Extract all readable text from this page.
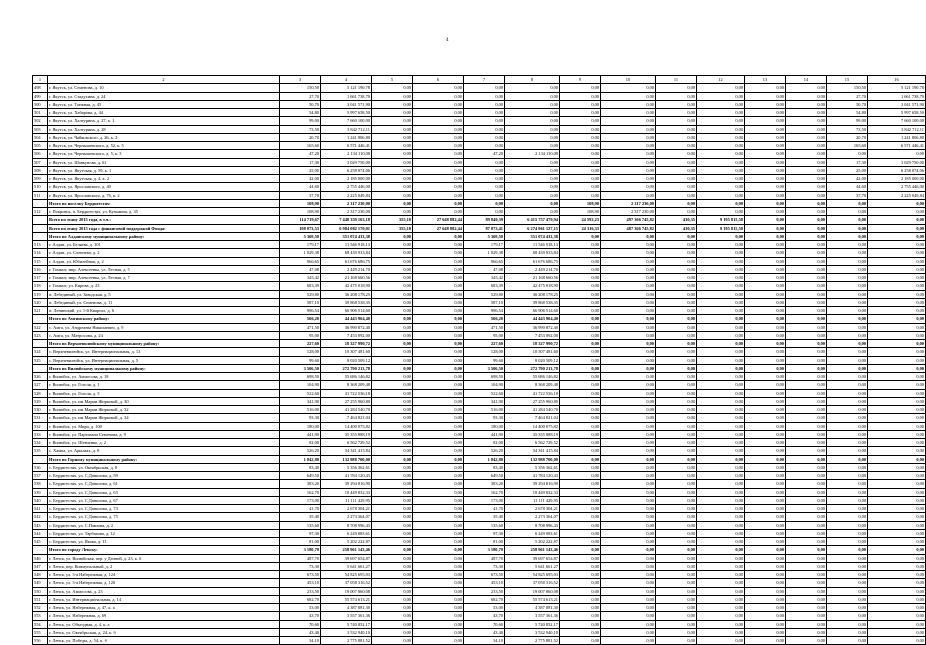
4
1	2	3	4	5	6	7	8	9	10	11	12	13	14	15	16
498	г. Якутск, ул. Семенова, д. 10	150,50	5 121 190,78	0,00	0,00	0,00	0,00	0,00	0,00	0,00	0,00	0,00	0,00	150,50	5 121 190,78
499	г. Якутск, ул. Стадухина, д. 24	27,70	1 661 738,79	0,00	0,00	0,00	0,00	0,00	0,00	0,00	0,00	0,00	0,00	27,70	1 661 738,79
500	г. Якутск, ул. Таежная, д. 45	50,70	3 041 571,90	0,00	0,00	0,00	0,00	0,00	0,00	0,00	0,00	0,00	0,00	50,70	3 041 571,90
501	г. Якутск, ул. Хабарова, д. 44	54,80	5 997 658,50	0,00	0,00	0,00	0,00	0,00	0,00	0,00	0,00	0,00	0,00	54,80	5 997 658,50
502	г. Якутск, ул. Халтурина, д. 27, к. 1	99,00	7 660 100,00	0,00	0,00	0,00	0,00	0,00	0,00	0,00	0,00	0,00	0,00	99,00	7 660 100,00
503	г. Якутск, ул. Халтурина, д. 28	73,50	3 842 712,11	0,00	0,00	0,00	0,00	0,00	0,00	0,00	0,00	0,00	0,00	73,50	3 842 712,11
504	г. Якутск, ул. Чайковского, д. 26, к. 2	20,70	1 241 806,80	0,00	0,00	0,00	0,00	0,00	0,00	0,00	0,00	0,00	0,00	20,70	1 241 806,80
505	г. Якутск, ул. Чернышевского, д. 52, к. 5	165,60	6 571 446,41	0,00	0,00	0,00	0,00	0,00	0,00	0,00	0,00	0,00	0,00	165,60	6 571 446,41
506	г. Якутск, ул. Чернышевского, д. 5, к. 3	47,20	2 134 110,08	0,00	0,00	47,20	2 134 110,08	0,00	0,00	0,00	0,00	0,00	0,00	0,00	0,00
507	г. Якутск, ул. Шавкунова, д. 61	17,30	3 029 750,00	0,00	0,00	0,00	0,00	0,00	0,00	0,00	0,00	0,00	0,00	17,30	3 029 750,00
508	г. Якутск, ул. Якутская, д. 59, к. 1	25,00	6 258 074,06	0,00	0,00	0,00	0,00	0,00	0,00	0,00	0,00	0,00	0,00	25,00	6 258 074,06
509	г. Якутск, ул. Якутская, д. 4, к. 2	42,00	2 185 000,00	0,00	0,00	0,00	0,00	0,00	0,00	0,00	0,00	0,00	0,00	42,00	2 185 000,00
510	г. Якутск, ул. Ярославского, д. 40	44,60	2 755 446,00	0,00	0,00	0,00	0,00	0,00	0,00	0,00	0,00	0,00	0,00	44,60	2 755 446,00
511	г. Якутск, ул. Ярославского, д. 76, к. 2	37,70	2 225 049,84	0,00	0,00	0,00	0,00	0,00	0,00	0,00	0,00	0,00	0,00	37,70	2 225 049,84
	Итого по поселку Бердигестях:	108,90	2 317 230,00	0,00	0,00	0,00	0,00	108,90	2 317 230,00	0,00	0,00	0,00	0,00	0,00	0,00
512	г. Покровск, п. Бердигестях, ул. Кузьмина, д. 35	108,90	2 317 230,00	0,00	0,00	0,00	0,00	108,90	2 317 230,00	0,00	0,00	0,00	0,00	0,00	0,00
	Всего по этапу 2015 года, в т.ч.:	114 719,67	7 448 359 163,18	355,10	27 648 882,44	89 840,39	6 415 757 479,94	24 592,23	497 366 745,82	430,35	9 195 815,50	0,00	0,00	0,00	0,00
	Всего по этапу 2015 года с финансовой поддержкой Фонда:	108 073,53	6 984 082 170,01	355,10	27 648 882,44	87 873,41	6 274 961 127,15	24 316,33	487 366 745,82	430,35	9 195 815,50	0,00	0,00	0,00	0,00
	Итого по Алданскому муниципальному району:	5 369,50	351 074 433,38	0,00	0,00	5 369,50	351 074 433,38	0,00	0,00	0,00	0,00	0,00	0,00	0,00	0,00
513	г. Алдан, ул. Беляева, д. 101	179,17	11 546 918,13	0,00	0,00	179,17	11 546 918,13	0,00	0,00	0,00	0,00	0,00	0,00	0,00	0,00
514	г. Алдан, ул. Слепнева, д. 2	1 029,38	68 439 933,84	0,00	0,00	1 029,38	68 439 933,84	0,00	0,00	0,00	0,00	0,00	0,00	0,00	0,00
515	г. Алдан, ул. Юбилейная, д. 2	966,65	61 676 686,75	0,00	0,00	966,65	61 676 686,75	0,00	0,00	0,00	0,00	0,00	0,00	0,00	0,00
516	г. Томмот, мкр. Алексеевка, ул. Лесная, д. 5	47,08	2 449 214,70	0,00	0,00	47,08	2 449 214,70	0,00	0,00	0,00	0,00	0,00	0,00	0,00	0,00
517	г. Томмот, мкр. Алексеевка, ул. Лесная, д. 7	345,42	21 168 660,56	0,00	0,00	345,42	21 168 660,56	0,00	0,00	0,00	0,00	0,00	0,00	0,00	0,00
518	г. Томмот, ул. Кирова, д. 23	683,39	42 475 018,90	0,00	0,00	683,39	42 475 018,90	0,00	0,00	0,00	0,00	0,00	0,00	0,00	0,00
519	п. Лебединый, ул. Заводская, д. 5	529,80	36 208 178,25	0,00	0,00	529,80	36 208 178,25	0,00	0,00	0,00	0,00	0,00	0,00	0,00	0,00
520	п. Лебединый, ул. Семенова, д. 11	587,10	39 868 538,35	0,00	0,00	587,10	39 868 538,35	0,00	0,00	0,00	0,00	0,00	0,00	0,00	0,00
521	п. Ленинский, ул. 1-й Квартал, д. 6	986,54	66 906 514,60	0,00	0,00	986,54	66 906 514,60	0,00	0,00	0,00	0,00	0,00	0,00	0,00	0,00
	Итого по Амгинскому району:	566,20	44 443 964,40	0,00	0,00	566,20	44 443 964,40	0,00	0,00	0,00	0,00	0,00	0,00	0,00	0,00
522	с. Амга, ул. Андреаева Николаевич, д. 9	471,50	36 990 872,40	0,00	0,00	471,50	36 990 872,40	0,00	0,00	0,00	0,00	0,00	0,00	0,00	0,00
523	с. Амга, ул. Матросова, д. 24	95,00	7 453 092,00	0,00	0,00	95,00	7 453 092,00	0,00	0,00	0,00	0,00	0,00	0,00	0,00	0,00
	Итого по Верхневилюйскому муниципальному району:	227,60	18 327 990,72	0,00	0,00	227,60	18 327 990,72	0,00	0,00	0,00	0,00	0,00	0,00	0,00	0,00
524	с. Верхневилюйск, ул. Интернациональная, д. 13	128,00	10 307 481,60	0,00	0,00	128,00	10 307 481,60	0,00	0,00	0,00	0,00	0,00	0,00	0,00	0,00
525	с. Верхневилюйск, ул. Интернациональная, д. 5	99,60	8 020 509,12	0,00	0,00	99,60	8 020 509,12	0,00	0,00	0,00	0,00	0,00	0,00	0,00	0,00
	Итого по Вилюйскому муниципальному району:	3 506,50	272 790 213,78	0,00	0,00	3 506,50	272 790 213,78	0,00	0,00	0,00	0,00	0,00	0,00	0,00	0,00
526	г. Вилюйск, ул. Аммосова, д. 18	698,50	55 686 146,82	0,00	0,00	698,50	55 686 146,82	0,00	0,00	0,00	0,00	0,00	0,00	0,00	0,00
527	г. Вилюйск, ул. Гоголя, д. 1	104,90	8 368 209,48	0,00	0,00	104,90	8 368 209,48	0,00	0,00	0,00	0,00	0,00	0,00	0,00	0,00
528	г. Вилюйск, ул. Гоголя, д. 5	522,60	41 722 536,18	0,00	0,00	522,60	41 722 536,18	0,00	0,00	0,00	0,00	0,00	0,00	0,00	0,00
529	г. Вилюйск, ул. им Марии Жирковой, д. 30	341,90	27 255 960,80	0,00	0,00	341,90	27 255 960,80	0,00	0,00	0,00	0,00	0,00	0,00	0,00	0,00
530	г. Вилюйск, ул. им Марии Жирковой, д. 32	516,00	41 284 540,70	0,00	0,00	516,00	41 284 540,70	0,00	0,00	0,00	0,00	0,00	0,00	0,00	0,00
531	г. Вилюйск, ул. им Марии Жирковой, д. 34	93,30	7 464 821,04	0,00	0,00	93,30	7 464 821,04	0,00	0,00	0,00	0,00	0,00	0,00	0,00	0,00
532	г. Вилюйск, ул. Мира, д. 100	180,00	14 400 075,82	0,00	0,00	180,00	14 400 075,82	0,00	0,00	0,00	0,00	0,00	0,00	0,00	0,00
533	г. Вилюйск, ул. Партизана Семенова, д. 9	441,90	35 355 888,19	0,00	0,00	441,90	35 355 888,19	0,00	0,00	0,00	0,00	0,00	0,00	0,00	0,00
534	г. Вилюйск, ул. Шевченко, д. 2	82,00	6 562 729,52	0,00	0,00	82,00	6 562 729,52	0,00	0,00	0,00	0,00	0,00	0,00	0,00	0,00
535	с. Хампа, ул. Арылаах, д. 8	526,20	34 341 415,84	0,00	0,00	526,20	34 341 415,84	0,00	0,00	0,00	0,00	0,00	0,00	0,00	0,00
	Итого по Горному муниципальному району:	1 842,80	132 988 700,00	0,00	0,00	1 842,80	132 988 700,00	0,00	0,00	0,00	0,00	0,00	0,00	0,00	0,00
536	с. Бердигестях, ул. Октябрьская, д. 8	83,40	5 356 362,61	0,00	0,00	83,40	5 356 362,61	0,00	0,00	0,00	0,00	0,00	0,00	0,00	0,00
537	с. Бердигестях, ул. С.Данилова, д. 59	649,50	41 784 120,43	0,00	0,00	649,50	41 784 120,43	0,00	0,00	0,00	0,00	0,00	0,00	0,00	0,00
538	с. Бердигестях, ул. С.Данилова, д. 61	383,20	39 294 816,90	0,00	0,00	383,20	39 294 816,90	0,00	0,00	0,00	0,00	0,00	0,00	0,00	0,00
539	с. Бердигестях, ул. С.Данилова, д. 63	162,70	10 449 832,33	0,00	0,00	162,70	10 449 832,33	0,00	0,00	0,00	0,00	0,00	0,00	0,00	0,00
540	с. Бердигестях, ул. С.Данилова, д. 67	173,00	11 111 429,95	0,00	0,00	173,00	11 111 429,95	0,00	0,00	0,00	0,00	0,00	0,00	0,00	0,00
541	с. Бердигестях, ул. С.Данилова, д. 73	41,70	2 678 304,21	0,00	0,00	41,70	2 678 304,21	0,00	0,00	0,00	0,00	0,00	0,00	0,00	0,00
542	с. Бердигестях, ул. С.Данилова, д. 75	35,40	2 273 364,07	0,00	0,00	35,40	2 273 364,07	0,00	0,00	0,00	0,00	0,00	0,00	0,00	0,00
543	с. Бердигестях, ул. С.Павлова, д. 2	135,60	8 708 996,43	0,00	0,00	135,60	8 708 996,43	0,00	0,00	0,00	0,00	0,00	0,00	0,00	0,00
544	с. Бердигестях, ул. Тарбахова, д. 12	97,30	6 249 083,61	0,00	0,00	97,30	6 249 083,61	0,00	0,00	0,00	0,00	0,00	0,00	0,00	0,00
545	с. Бердигестях, ул. Якова, д. 11	81,00	5 202 222,87	0,00	0,00	81,00	5 202 222,87	0,00	0,00	0,00	0,00	0,00	0,00	0,00	0,00
	Итого по городу Ленску:	3 180,70	258 961 143,46	0,00	0,00	3 180,70	258 961 143,46	0,00	0,00	0,00	0,00	0,00	0,00	0,00	0,00
546	г. Ленск, ул. Вилюйская, пер. у Дачной, д. 23, к. 6	487,70	39 697 654,87	0,00	0,00	487,70	39 697 654,87	0,00	0,00	0,00	0,00	0,00	0,00	0,00	0,00
547	г. Ленск, пер. Коммунальный, д. 2	73,30	5 641 661,27	0,00	0,00	73,30	5 641 661,27	0,00	0,00	0,00	0,00	0,00	0,00	0,00	0,00
548	г. Ленск, ул. 3-я Набережная, д. 124	673,50	54 825 695,03	0,00	0,00	673,50	54 825 695,03	0,00	0,00	0,00	0,00	0,00	0,00	0,00	0,00
549	г. Ленск, ул. 3-я Набережная, д. 126	453,10	37 058 316,52	0,00	0,00	453,10	37 058 316,52	0,00	0,00	0,00	0,00	0,00	0,00	0,00	0,00
550	г. Ленск, ул. Аммосова, д. 23	233,50	19 007 860,08	0,00	0,00	233,50	19 007 860,08	0,00	0,00	0,00	0,00	0,00	0,00	0,00	0,00
551	г. Ленск, ул. Интернациональная, д. 14	682,70	55 574 613,21	0,00	0,00	682,70	55 574 613,21	0,00	0,00	0,00	0,00	0,00	0,00	0,00	0,00
552	г. Ленск, ул. Набережная, д. 47, к. а	53,00	4 387 081,30	0,00	0,00	53,00	4 387 081,30	0,00	0,00	0,00	0,00	0,00	0,00	0,00	0,00
553	г. Ленск, ул. Набережная, д. 69	43,70	3 557 361,36	0,00	0,00	43,70	3 557 361,36	0,00	0,00	0,00	0,00	0,00	0,00	0,00	0,00
554	г. Ленск, ул. Объездная, д. 4, к. а	70,60	5 740 852,17	0,00	0,00	70,60	5 740 852,17	0,00	0,00	0,00	0,00	0,00	0,00	0,00	0,00
555	г. Ленск, ул. Октябрьская, д. 24, к. б	43,40	3 532 940,10	0,00	0,00	43,40	3 532 940,10	0,00	0,00	0,00	0,00	0,00	0,00	0,00	0,00
556	г. Ленск, ул. Победы, д. 54, к. б	34,10	2 775 881,52	0,00	0,00	34,10	2 775 881,52	0,00	0,00	0,00	0,00	0,00	0,00	0,00	0,00
